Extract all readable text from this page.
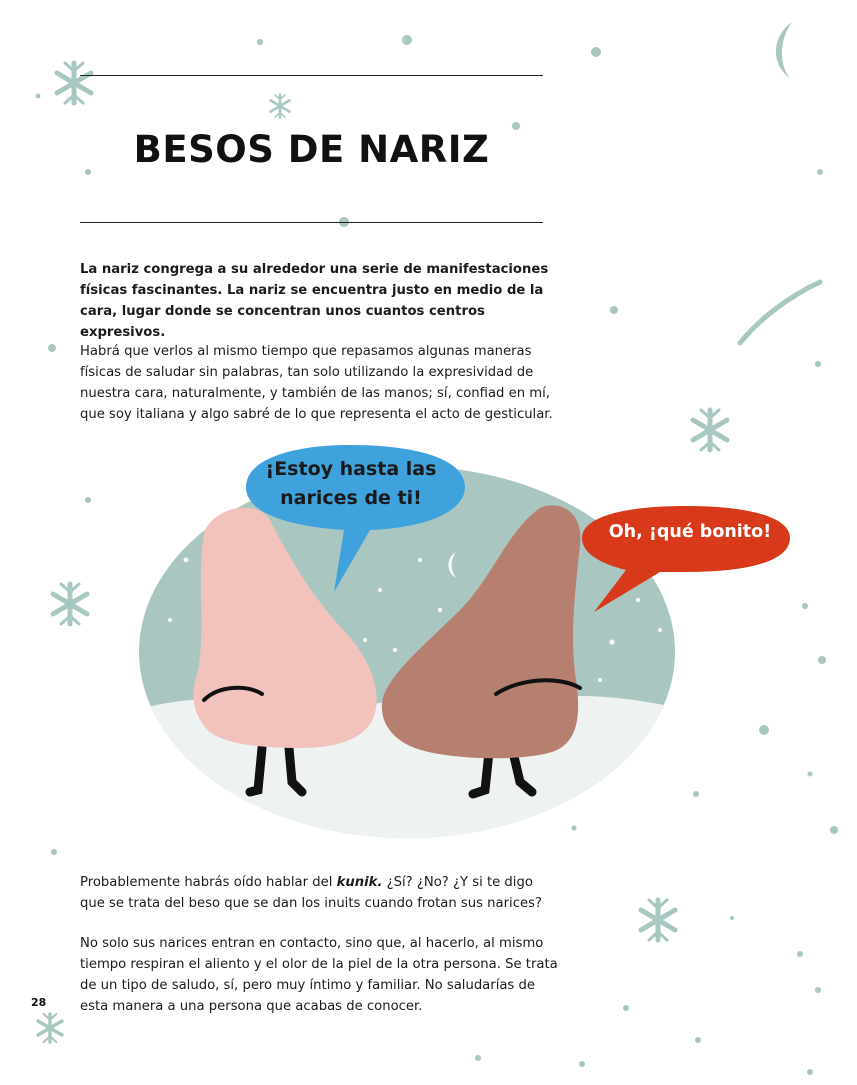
BESOS DE NARIZ

La nariz congrega a su alrededor una serie de manifestaciones físicas fascinantes. La nariz se encuentra justo en medio de la cara, lugar donde se concentran unos cuantos centros expresivos.

Habrá que verlos al mismo tiempo que repasamos algunas maneras físicas de saludar sin palabras, tan solo utilizando la expresividad de nuestra cara, naturalmente, y también de las manos; sí, confiad en mí, que soy italiana y algo sabré de lo que representa el acto de gesticular.

¡Estoy hasta las narices de ti!
Oh, ¡qué bonito!

Probablemente habrás oído hablar del kunik. ¿Sí? ¿No? ¿Y si te digo que se trata del beso que se dan los inuits cuando frotan sus narices?

No solo sus narices entran en contacto, sino que, al hacerlo, al mismo tiempo respiran el aliento y el olor de la piel de la otra persona. Se trata de un tipo de saludo, sí, pero muy íntimo y familiar. No saludarías de esta manera a una persona que acabas de conocer.

28
